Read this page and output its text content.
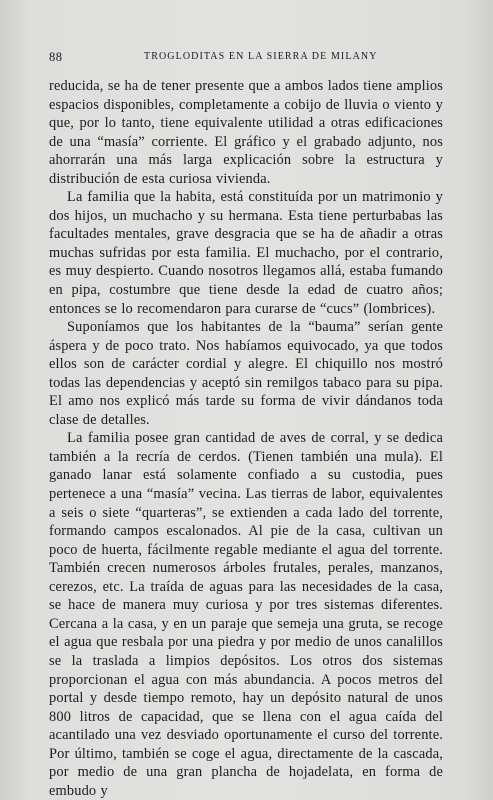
88	TROGLODITAS EN LA SIERRA DE MILANY

reducida, se ha de tener presente que a ambos lados tiene amplios espacios disponibles, completamente a cobijo de lluvia o viento y que, por lo tanto, tiene equivalente utilidad a otras edificaciones de una “masía” corriente. El gráfico y el grabado adjunto, nos ahorrarán una más larga explicación sobre la estructura y distribución de esta curiosa vivienda.

La familia que la habita, está constituída por un matrimonio y dos hijos, un muchacho y su hermana. Esta tiene perturbabas las facultades mentales, grave desgracia que se ha de añadir a otras muchas sufridas por esta familia. El muchacho, por el contrario, es muy despierto. Cuando nosotros llegamos allá, estaba fumando en pipa, costumbre que tiene desde la edad de cuatro años; entonces se lo recomendaron para curarse de “cucs” (lombrices).

Suponíamos que los habitantes de la “bauma” serían gente áspera y de poco trato. Nos habíamos equivocado, ya que todos ellos son de carácter cordial y alegre. El chiquillo nos mostró todas las dependencias y aceptó sin remilgos tabaco para su pipa. El amo nos explicó más tarde su forma de vivir dándanos toda clase de detalles.

La familia posee gran cantidad de aves de corral, y se dedica también a la recría de cerdos. (Tienen también una mula). El ganado lanar está solamente confiado a su custodia, pues pertenece a una “masía” vecina. Las tierras de labor, equivalentes a seis o siete “quarteras”, se extienden a cada lado del torrente, formando campos escalonados. Al pie de la casa, cultivan un poco de huerta, fácilmente regable mediante el agua del torrente. También crecen numerosos árboles frutales, perales, manzanos, cerezos, etc. La traída de aguas para las necesidades de la casa, se hace de manera muy curiosa y por tres sistemas diferentes. Cercana a la casa, y en un paraje que semeja una gruta, se recoge el agua que resbala por una piedra y por medio de unos canalillos se la traslada a limpios depósitos. Los otros dos sistemas proporcionan el agua con más abundancia. A pocos metros del portal y desde tiempo remoto, hay un depósito natural de unos 800 litros de capacidad, que se llena con el agua caída del acantilado una vez desviado oportunamente el curso del torrente. Por último, también se coge el agua, directamente de la cascada, por medio de una gran plancha de hojadelata, en forma de embudo y
